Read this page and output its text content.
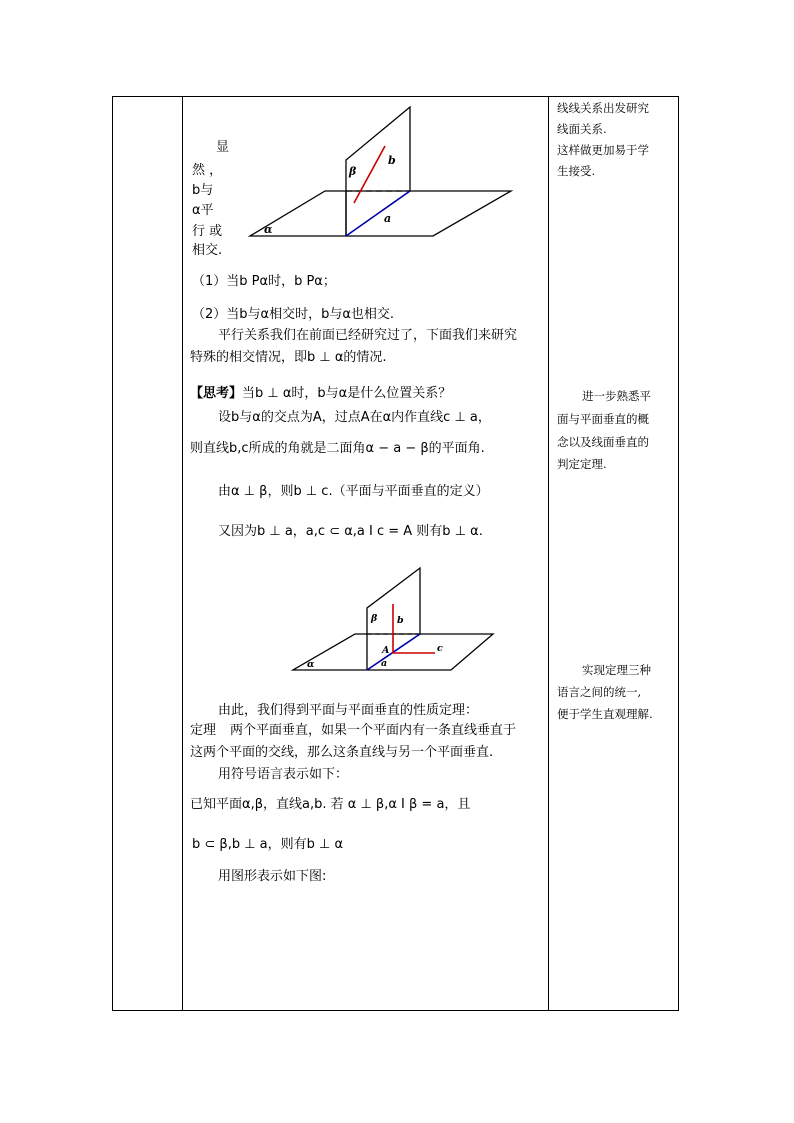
线线关系出发研究
线面关系.
这样做更加易于学
生接受.
进一步熟悉平
面与平面垂直的概
念以及线面垂直的
判定定理.
实现定理三种
语言之间的统一,
便于学生直观理解.
显
然 ，
b与
α平
行 或
相交.
β
b
a
α
（1）当b Pα时，b Pα；
（2）当b与α相交时，b与α也相交.
平行关系我们在前面已经研究过了，下面我们来研究
特殊的相交情况，即b ⊥ α的情况.
【思考】当b ⊥ α时，b与α是什么位置关系？
设b与α的交点为A，过点A在α内作直线c ⊥ a，
则直线b,c所成的角就是二面角α − a − β的平面角.
由α ⊥ β，则b ⊥ c.（平面与平面垂直的定义）
又因为b ⊥ a，a,c ⊂ α,a I c = A 则有b ⊥ α.
β b
A
a
c
α
由此，我们得到平面与平面垂直的性质定理：
定理 两个平面垂直，如果一个平面内有一条直线垂直于
这两个平面的交线，那么这条直线与另一个平面垂直.
用符号语言表示如下：
已知平面α,β，直线a,b. 若 α ⊥ β,α I β = a，且
b ⊂ β,b ⊥ a，则有b ⊥ α
用图形表示如下图:
